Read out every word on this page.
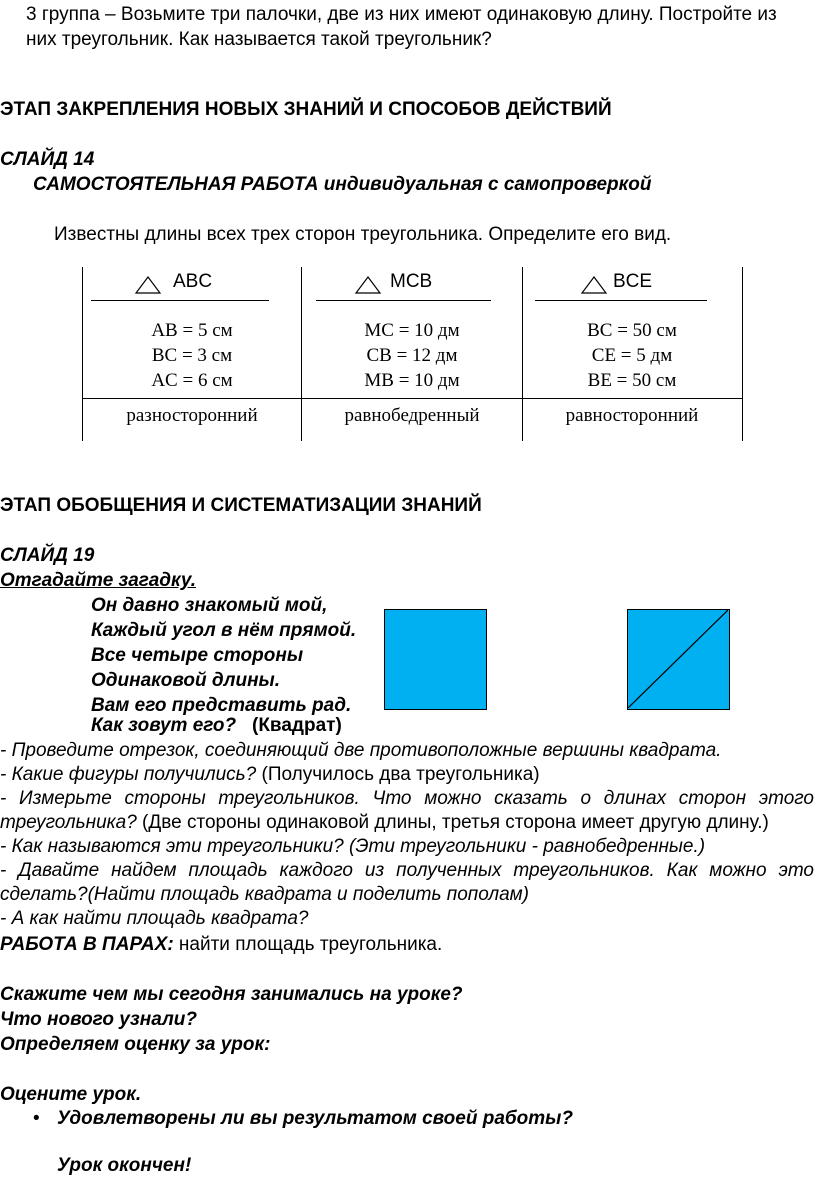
3 группа – Возьмите три палочки, две из них имеют одинаковую длину. Постройте из
них треугольник. Как называется такой треугольник?
ЭТАП ЗАКРЕПЛЕНИЯ НОВЫХ ЗНАНИЙ И СПОСОБОВ ДЕЙСТВИЙ
СЛАЙД 14
САМОСТОЯТЕЛЬНАЯ РАБОТА индивидуальная с самопроверкой
Известны длины всех трех сторон треугольника. Определите его вид.
ABC
AB = 5 см
BC = 3 см
AC = 6 см
разносторонний
MCB
MC = 10 дм
CB = 12 дм
MB = 10 дм
равнобедренный
BCE
BC = 50 см
CE = 5 дм
BE = 50 см
равносторонний
ЭТАП ОБОБЩЕНИЯ И СИСТЕМАТИЗАЦИИ ЗНАНИЙ
СЛАЙД 19
Отгадайте загадку.
Он давно знакомый мой,
Каждый угол в нём прямой.
Все четыре стороны
Одинаковой длины.
Вам его представить рад.
Как зовут его? (Квадрат)
- Проведите отрезок, соединяющий две противоположные вершины квадрата.
- Какие фигуры получились? (Получилось два треугольника)
- Измерьте стороны треугольников. Что можно сказать о длинах сторон этого
треугольника? (Две стороны одинаковой длины, третья сторона имеет другую длину.)
- Как называются эти треугольники? (Эти треугольники - равнобедренные.)
- Давайте найдем площадь каждого из полученных треугольников. Как можно это
сделать?(Найти площадь квадрата и поделить пополам)
- А как найти площадь квадрата?
РАБОТА В ПАРАХ: найти площадь треугольника.
Скажите чем мы сегодня занимались на уроке?
Что нового узнали?
Определяем оценку за урок:
Оцените урок.
• Удовлетворены ли вы результатом своей работы?
Урок окончен!
